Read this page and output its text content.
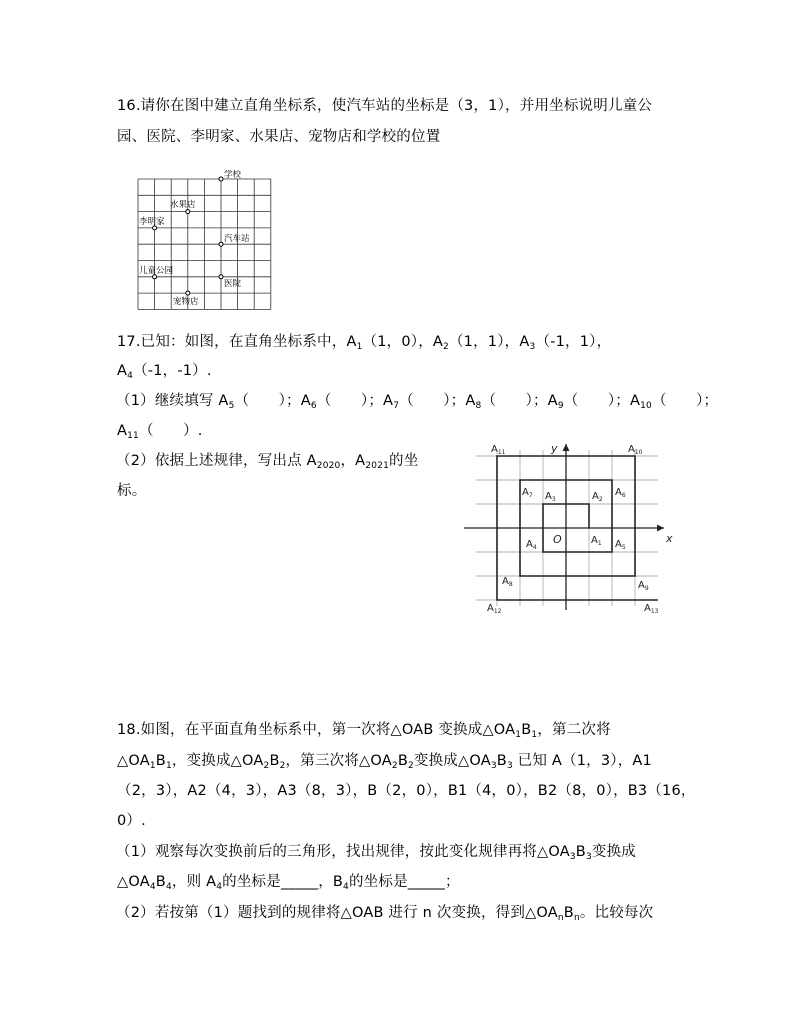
16.请你在图中建立直角坐标系，使汽车站的坐标是（3，1），并用坐标说明儿童公
园、医院、李明家、水果店、宠物店和学校的位置
学校
水果店
李明家
汽车站
儿童公园
医院
宠物店
17.已知：如图，在直角坐标系中，$A_1(1$，0），$A_2(1$，1），$A_3(-1$，1），
$A_4(-1$，-1）.
（1）继续填写 $A_5$（　　）；$A_6$（　　）；$A_7$（　　）；$A_8$（　　）；$A_9$（　　）；$A_{10}$（　　）；
$A_{11}$（　　）.
（2）依据上述规律，写出点 $A_{2020}$，$A_{2021}$的坐
标。
y
x
O	$A_1$
$A_2$
$A_3$
$A_4$	$A_5$
$A_6$
$A_7$
$A_8$	$A_9$
$A_{10}$
$A_{11}$
$A_{12}$	$A_{13}$
18.如图，在平面直角坐标系中，第一次将△OAB 变换成$\triangle OA_1B_1$，第二次将
$\triangle OA_1B_1$，变换成$\triangle OA_2B_2$，第三次将$\triangle OA_2B_2$变换成$\triangle OA_3B_3$ 已知 A（1，3），A1
（2，3），A2（4，3），A3（8，3），B（2，0），B1（4，0），B2（8，0），B3（16，
0）.
（1）观察每次变换前后的三角形，找出规律，按此变化规律再将$\triangle OA_3B_3$变换成
$\triangle OA_4B_4$，则 $A_4$的坐标是_____，$B_4$的坐标是_____；
（2）若按第（1）题找到的规律将△OAB 进行 n 次变换，得到$\triangle OA_nB_n$。比较每次
